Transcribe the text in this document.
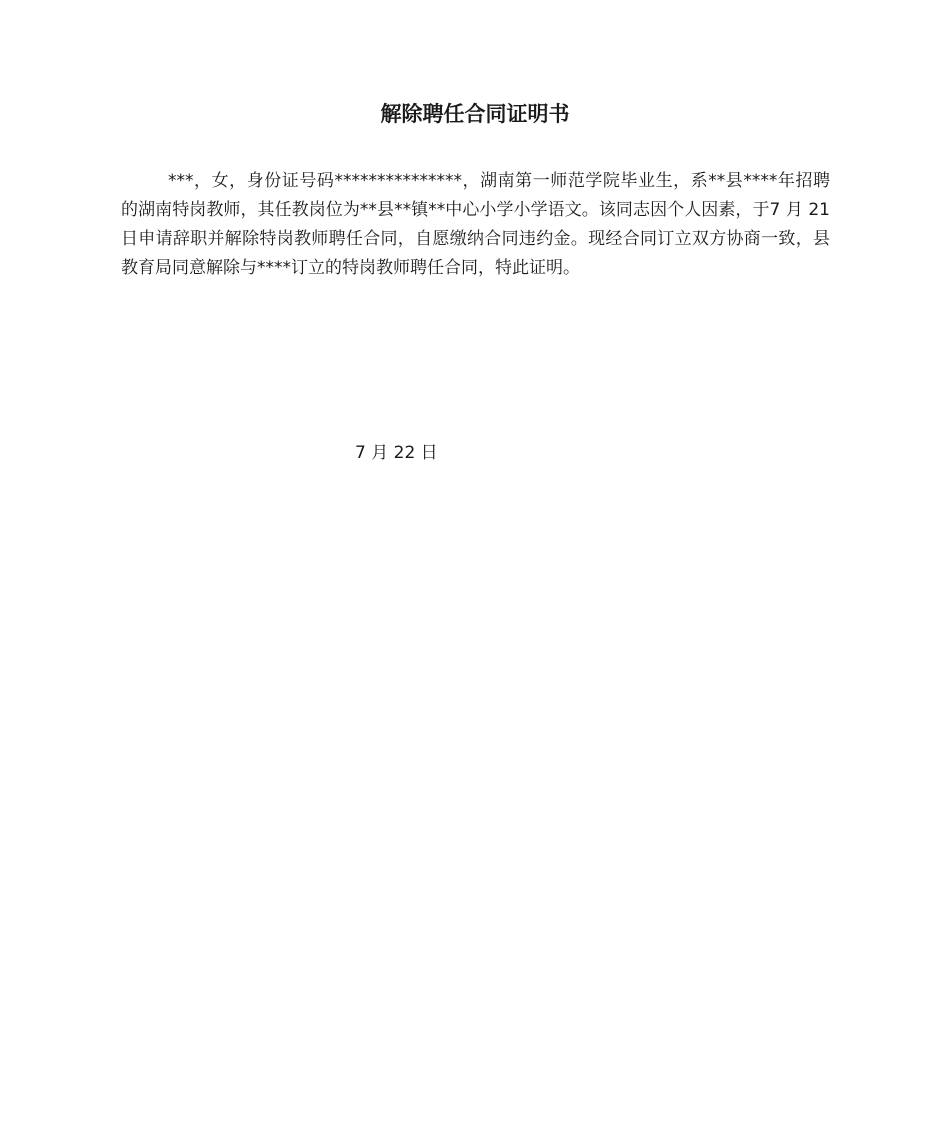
解除聘任合同证明书

***，女，身份证号码***************，湖南第一师范学院毕业生，系**县****年招聘的湖南特岗教师，其任教岗位为**县**镇**中心小学小学语文。该同志因个人因素，于7 月 21 日申请辞职并解除特岗教师聘任合同，自愿缴纳合同违约金。现经合同订立双方协商一致，县教育局同意解除与****订立的特岗教师聘任合同，特此证明。

7 月 22 日
